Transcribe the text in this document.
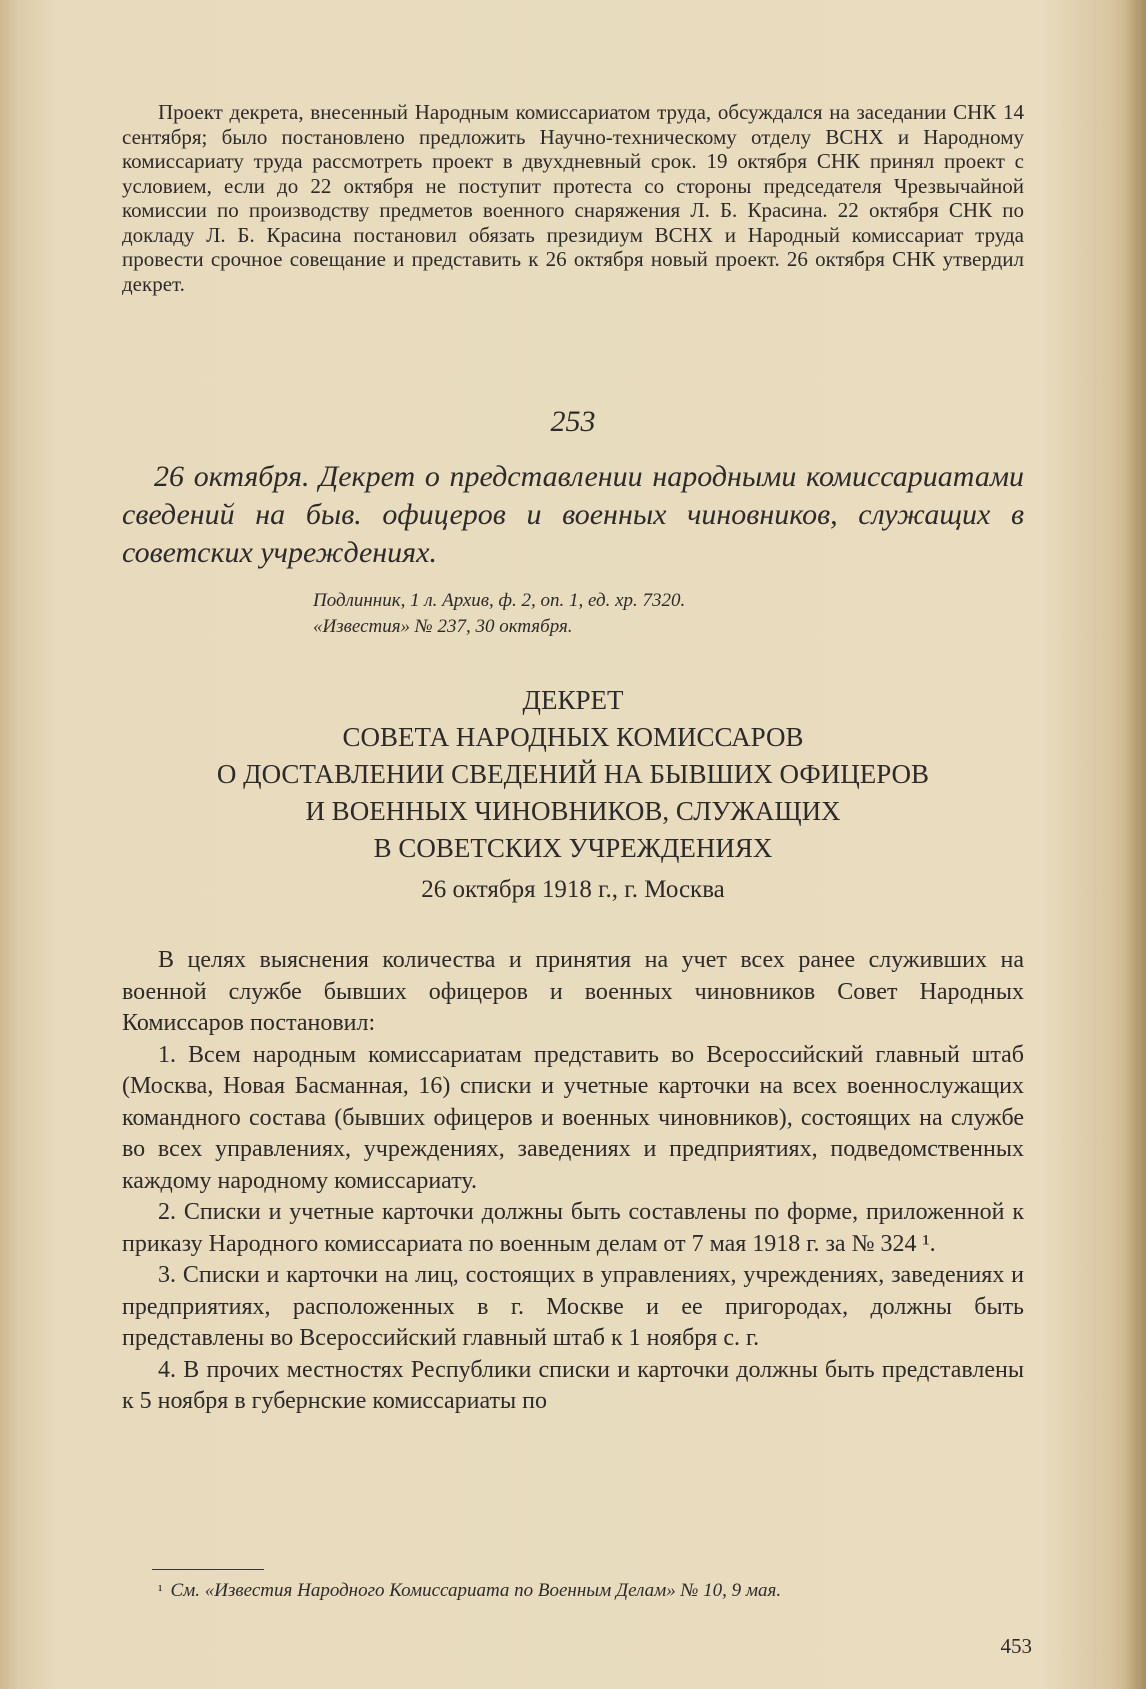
Проект декрета, внесенный Народным комиссариатом труда, обсуждался на заседании СНК 14 сентября; было постановлено предложить Научно-техническому отделу ВСНХ и Народному комиссариату труда рассмотреть проект в двухдневный срок. 19 октября СНК принял проект с условием, если до 22 октября не поступит протеста со стороны председателя Чрезвычайной комиссии по производству предметов военного снаряжения Л. Б. Красина. 22 октября СНК по докладу Л. Б. Красина постановил обязать президиум ВСНХ и Народный комиссариат труда провести срочное совещание и представить к 26 октября новый проект. 26 октября СНК утвердил декрет.

253

26 октября. Декрет о представлении народными комиссариатами сведений на быв. офицеров и военных чиновников, служащих в советских учреждениях.

Подлинник, 1 л. Архив, ф. 2, оп. 1, ед. хр. 7320.
«Известия» № 237, 30 октября.

ДЕКРЕТ
СОВЕТА НАРОДНЫХ КОМИССАРОВ
О ДОСТАВЛЕНИИ СВЕДЕНИЙ НА БЫВШИХ ОФИЦЕРОВ
И ВОЕННЫХ ЧИНОВНИКОВ, СЛУЖАЩИХ
В СОВЕТСКИХ УЧРЕЖДЕНИЯХ

26 октября 1918 г., г. Москва

В целях выяснения количества и принятия на учет всех ранее служивших на военной службе бывших офицеров и военных чиновников Совет Народных Комиссаров постановил:

1. Всем народным комиссариатам представить во Всероссийский главный штаб (Москва, Новая Басманная, 16) списки и учетные карточки на всех военнослужащих командного состава (бывших офицеров и военных чиновников), состоящих на службе во всех управлениях, учреждениях, заведениях и предприятиях, подведомственных каждому народному комиссариату.

2. Списки и учетные карточки должны быть составлены по форме, приложенной к приказу Народного комиссариата по военным делам от 7 мая 1918 г. за № 324 ¹.

3. Списки и карточки на лиц, состоящих в управлениях, учреждениях, заведениях и предприятиях, расположенных в г. Москве и ее пригородах, должны быть представлены во Всероссийский главный штаб к 1 ноября с. г.

4. В прочих местностях Республики списки и карточки должны быть представлены к 5 ноября в губернские комиссариаты по

$^{^1}$ См. «Известия Народного Комиссариата по Военным Делам» № 10, 9 мая.

453
